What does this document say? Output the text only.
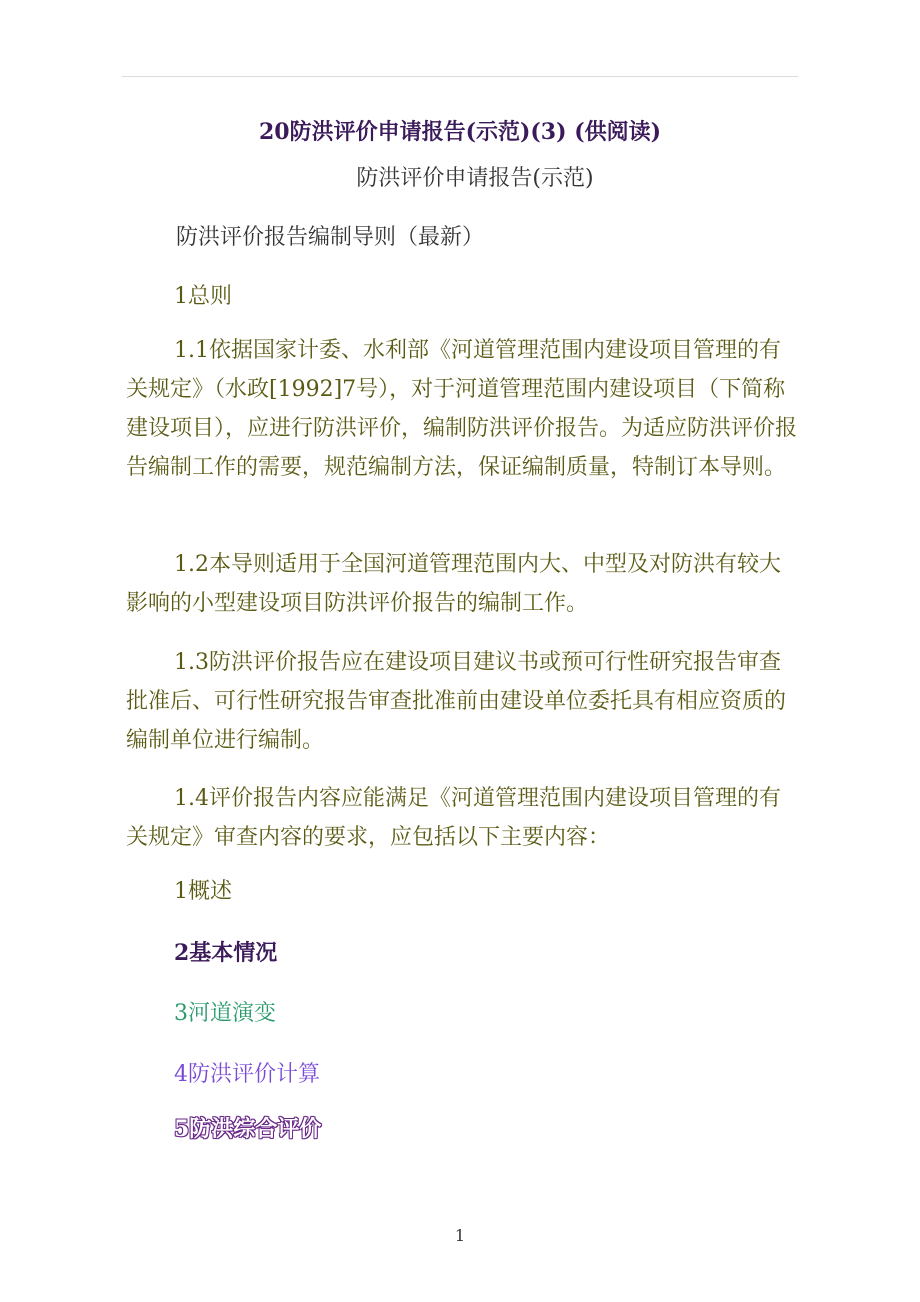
20防洪评价申请报告(示范)(3) (供阅读)
防洪评价申请报告(示范)
防洪评价报告编制导则（最新）
1总则

1.1依据国家计委、水利部《河道管理范围内建设项目管理的有关规定》（水政[1992]7号），对于河道管理范围内建设项目（下简称建设项目），应进行防洪评价，编制防洪评价报告。为适应防洪评价报告编制工作的需要，规范编制方法，保证编制质量，特制订本导则。

1.2本导则适用于全国河道管理范围内大、中型及对防洪有较大影响的小型建设项目防洪评价报告的编制工作。

1.3防洪评价报告应在建设项目建议书或预可行性研究报告审查批准后、可行性研究报告审查批准前由建设单位委托具有相应资质的编制单位进行编制。

1.4评价报告内容应能满足《河道管理范围内建设项目管理的有关规定》审查内容的要求，应包括以下主要内容：

1概述
2基本情况
3河道演变
4防洪评价计算
5防洪综合评价
1
